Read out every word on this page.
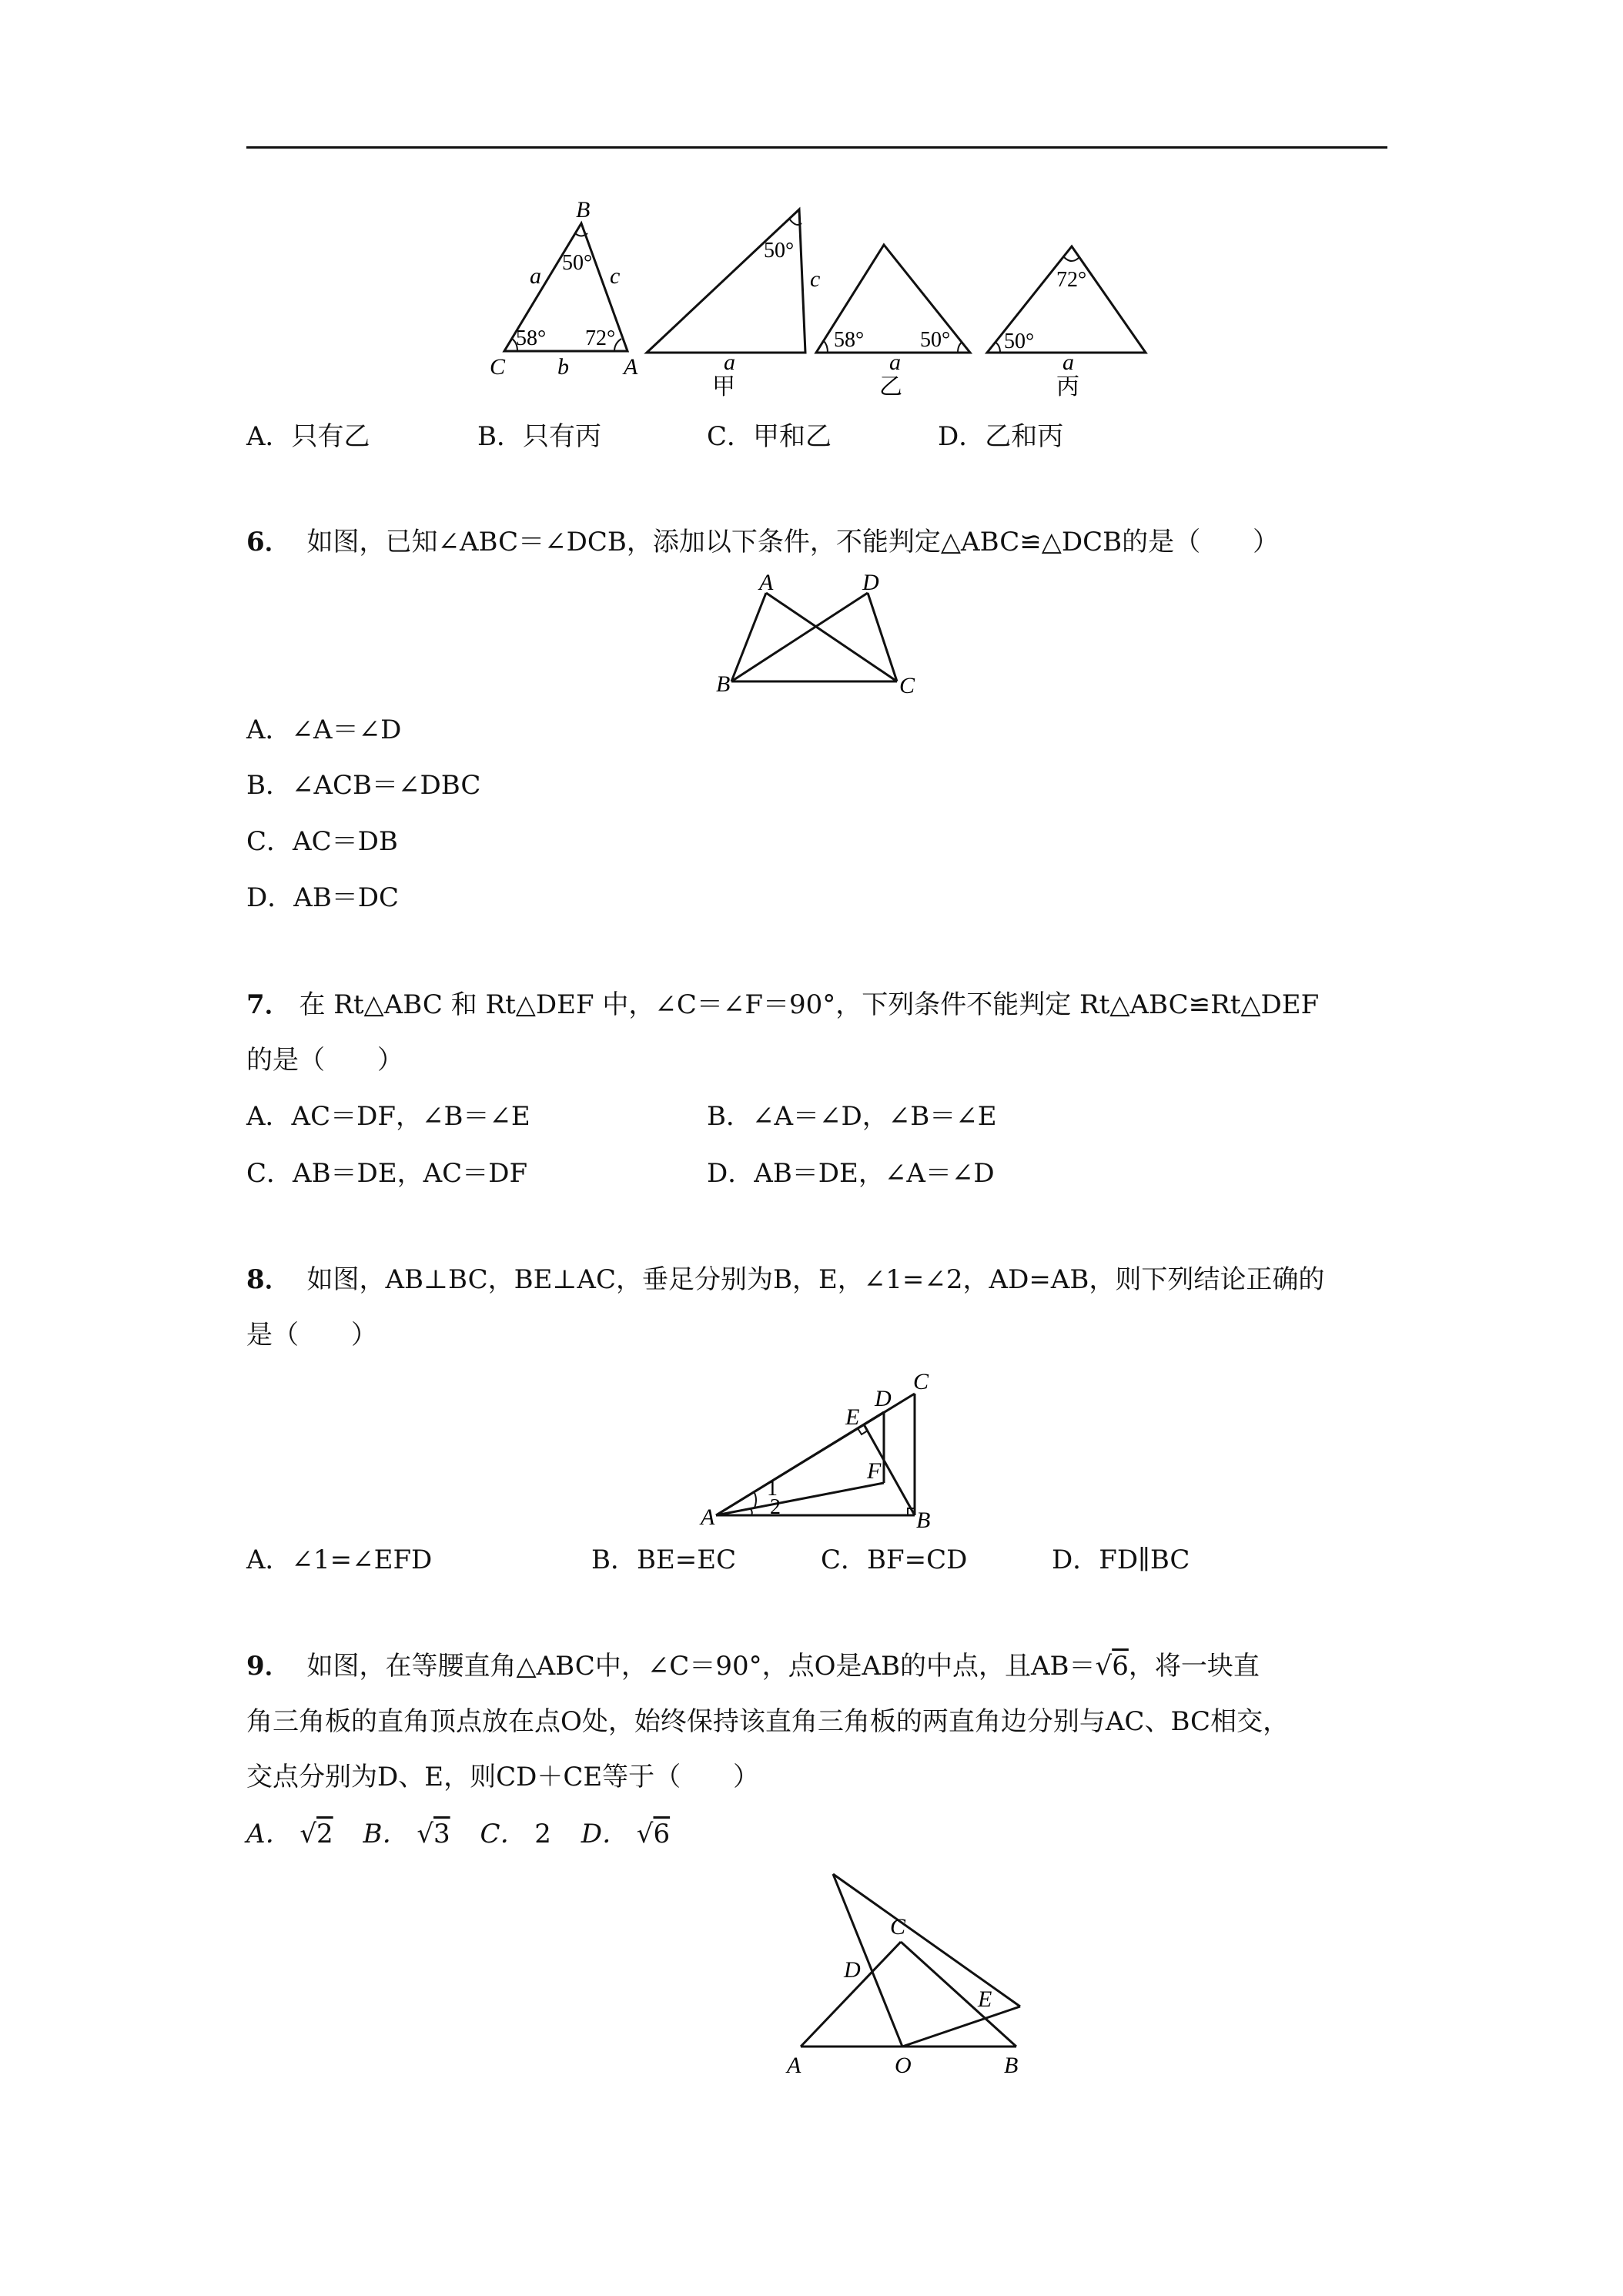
B
C	A
a	c
b
50°
58° 72°
50°
c
a
甲
58°	50°
a
乙
72°
50°
a
丙
A．只有乙	B．只有丙	C．甲和乙	D．乙和丙
6． 如图，已知∠ABC＝∠DCB，添加以下条件，不能判定△ABC≌△DCB的是（　　）
A	D
B	C
A．∠A＝∠D
B．∠ACB＝∠DBC
C．AC＝DB
D．AB＝DC
7． 在 Rt△ABC 和 Rt△DEF 中，∠C＝∠F＝90°，下列条件不能判定 Rt△ABC≌Rt△DEF
的是（　　）
A．AC＝DF，∠B＝∠E	B．∠A＝∠D，∠B＝∠E
C．AB＝DE，AC＝DF	D．AB＝DE，∠A＝∠D
8． 如图，AB⊥BC，BE⊥AC，垂足分别为B，E，∠1=∠2，AD=AB，则下列结论正确的
是（　　）
A	B
C
D
E
F
1
2
A．∠1=∠EFD	B．BE=EC	C．BF=CD	D．FD∥BC
9． 如图，在等腰直角△ABC中，∠C＝90°，点O是AB的中点，且AB＝√6，将一块直
角三角板的直角顶点放在点O处，始终保持该直角三角板的两直角边分别与AC、BC相交，
交点分别为D、E，则CD＋CE等于（　　）
A． √2 B． √3 C． 2 D． √6
A	O	B
C
D
E
